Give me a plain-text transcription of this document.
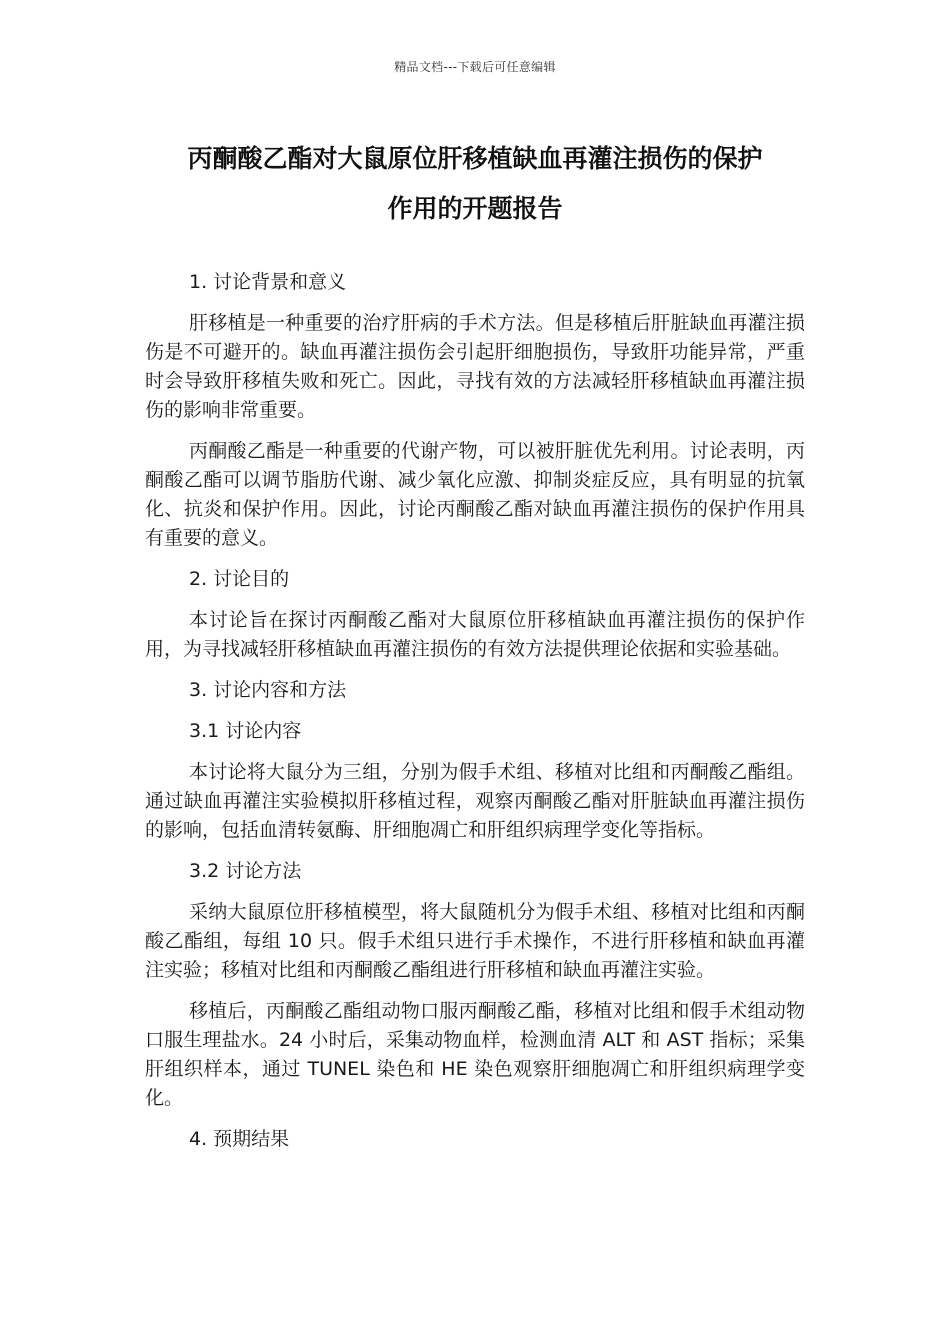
精品文档---下载后可任意编辑
丙酮酸乙酯对大鼠原位肝移植缺血再灌注损伤的保护
作用的开题报告
1. 讨论背景和意义
肝移植是一种重要的治疗肝病的手术方法。但是移植后肝脏缺血再灌注损伤是不可避开的。缺血再灌注损伤会引起肝细胞损伤，导致肝功能异常，严重时会导致肝移植失败和死亡。因此，寻找有效的方法减轻肝移植缺血再灌注损伤的影响非常重要。
丙酮酸乙酯是一种重要的代谢产物，可以被肝脏优先利用。讨论表明，丙酮酸乙酯可以调节脂肪代谢、减少氧化应激、抑制炎症反应，具有明显的抗氧化、抗炎和保护作用。因此，讨论丙酮酸乙酯对缺血再灌注损伤的保护作用具有重要的意义。
2. 讨论目的
本讨论旨在探讨丙酮酸乙酯对大鼠原位肝移植缺血再灌注损伤的保护作用，为寻找减轻肝移植缺血再灌注损伤的有效方法提供理论依据和实验基础。
3. 讨论内容和方法
3.1 讨论内容
本讨论将大鼠分为三组，分别为假手术组、移植对比组和丙酮酸乙酯组。通过缺血再灌注实验模拟肝移植过程，观察丙酮酸乙酯对肝脏缺血再灌注损伤的影响，包括血清转氨酶、肝细胞凋亡和肝组织病理学变化等指标。
3.2 讨论方法
采纳大鼠原位肝移植模型，将大鼠随机分为假手术组、移植对比组和丙酮酸乙酯组，每组 10 只。假手术组只进行手术操作，不进行肝移植和缺血再灌注实验；移植对比组和丙酮酸乙酯组进行肝移植和缺血再灌注实验。
移植后，丙酮酸乙酯组动物口服丙酮酸乙酯，移植对比组和假手术组动物口服生理盐水。24 小时后，采集动物血样，检测血清 ALT 和 AST 指标；采集肝组织样本，通过 TUNEL 染色和 HE 染色观察肝细胞凋亡和肝组织病理学变化。
4. 预期结果
